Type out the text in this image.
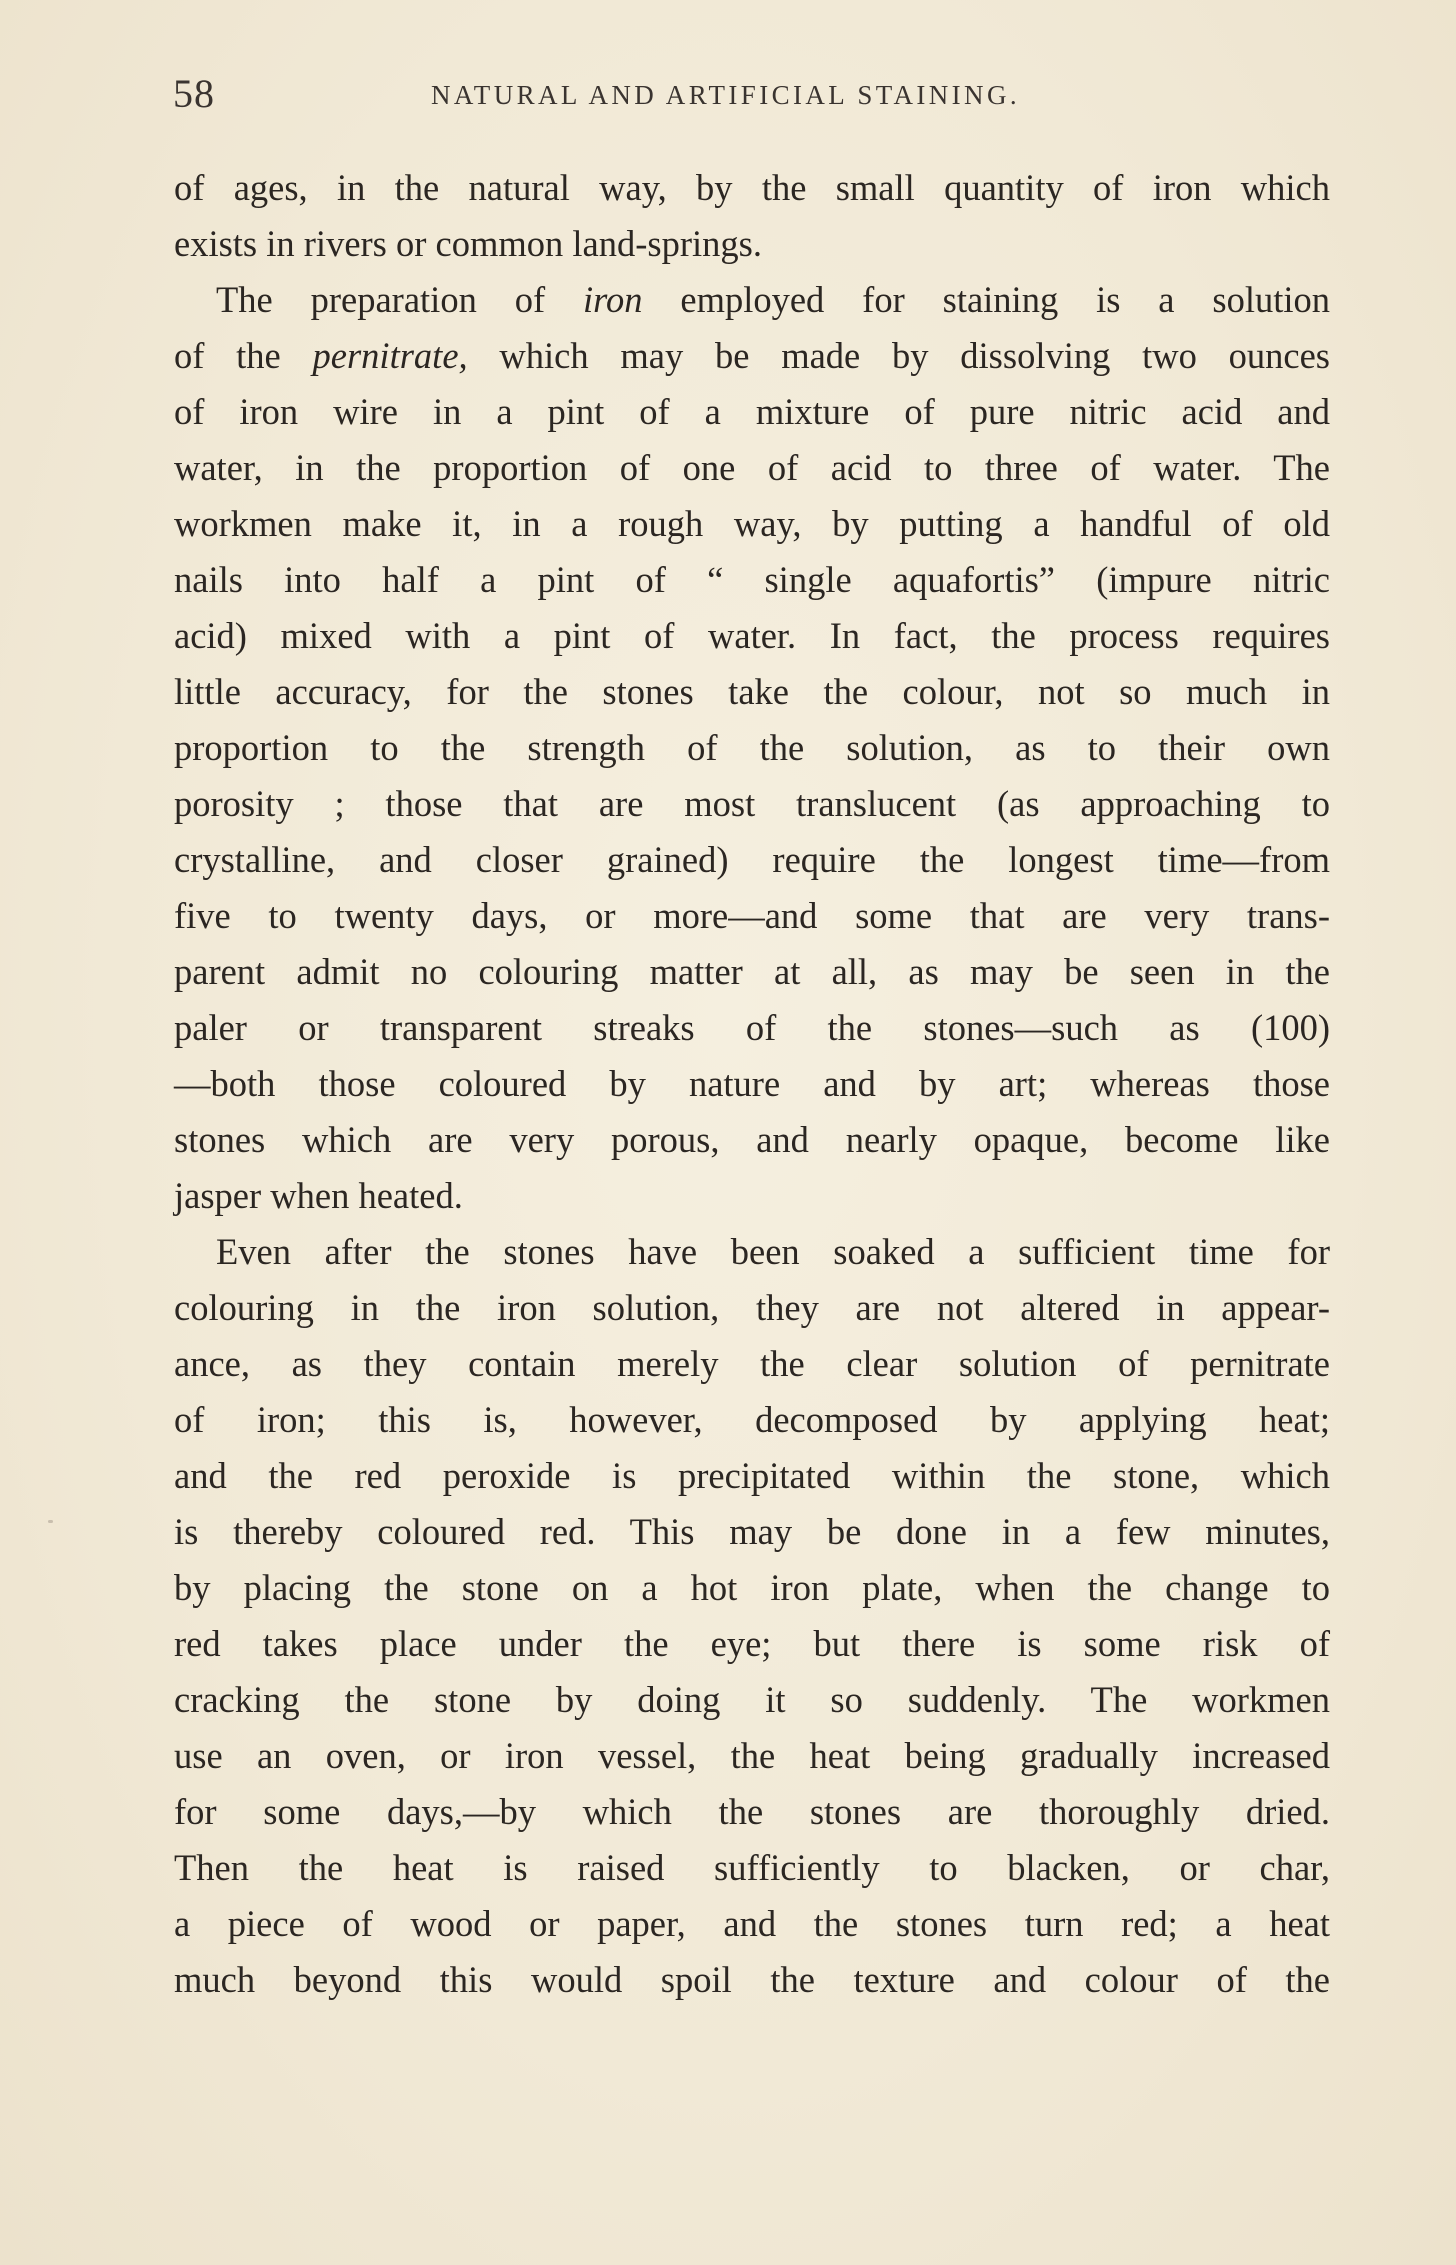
58	NATURAL AND ARTIFICIAL STAINING.
of ages, in the natural way, by the small quantity of iron which
exists in rivers or common land-springs.
The preparation of iron employed for staining is a solution
of the pernitrate, which may be made by dissolving two ounces
of iron wire in a pint of a mixture of pure nitric acid and
water, in the proportion of one of acid to three of water. The
workmen make it, in a rough way, by putting a handful of old
nails into half a pint of “ single aquafortis” (impure nitric
acid) mixed with a pint of water. In fact, the process requires
little accuracy, for the stones take the colour, not so much in
proportion to the strength of the solution, as to their own
porosity ; those that are most translucent (as approaching to
crystalline, and closer grained) require the longest time—from
five to twenty days, or more—and some that are very trans-
parent admit no colouring matter at all, as may be seen in the
paler or transparent streaks of the stones—such as (100)
—both those coloured by nature and by art; whereas those
stones which are very porous, and nearly opaque, become like
jasper when heated.
Even after the stones have been soaked a sufficient time for
colouring in the iron solution, they are not altered in appear-
ance, as they contain merely the clear solution of pernitrate
of iron; this is, however, decomposed by applying heat;
and the red peroxide is precipitated within the stone, which
is thereby coloured red. This may be done in a few minutes,
by placing the stone on a hot iron plate, when the change to
red takes place under the eye; but there is some risk of
cracking the stone by doing it so suddenly. The workmen
use an oven, or iron vessel, the heat being gradually increased
for some days,—by which the stones are thoroughly dried.
Then the heat is raised sufficiently to blacken, or char,
a piece of wood or paper, and the stones turn red; a heat
much beyond this would spoil the texture and colour of the
